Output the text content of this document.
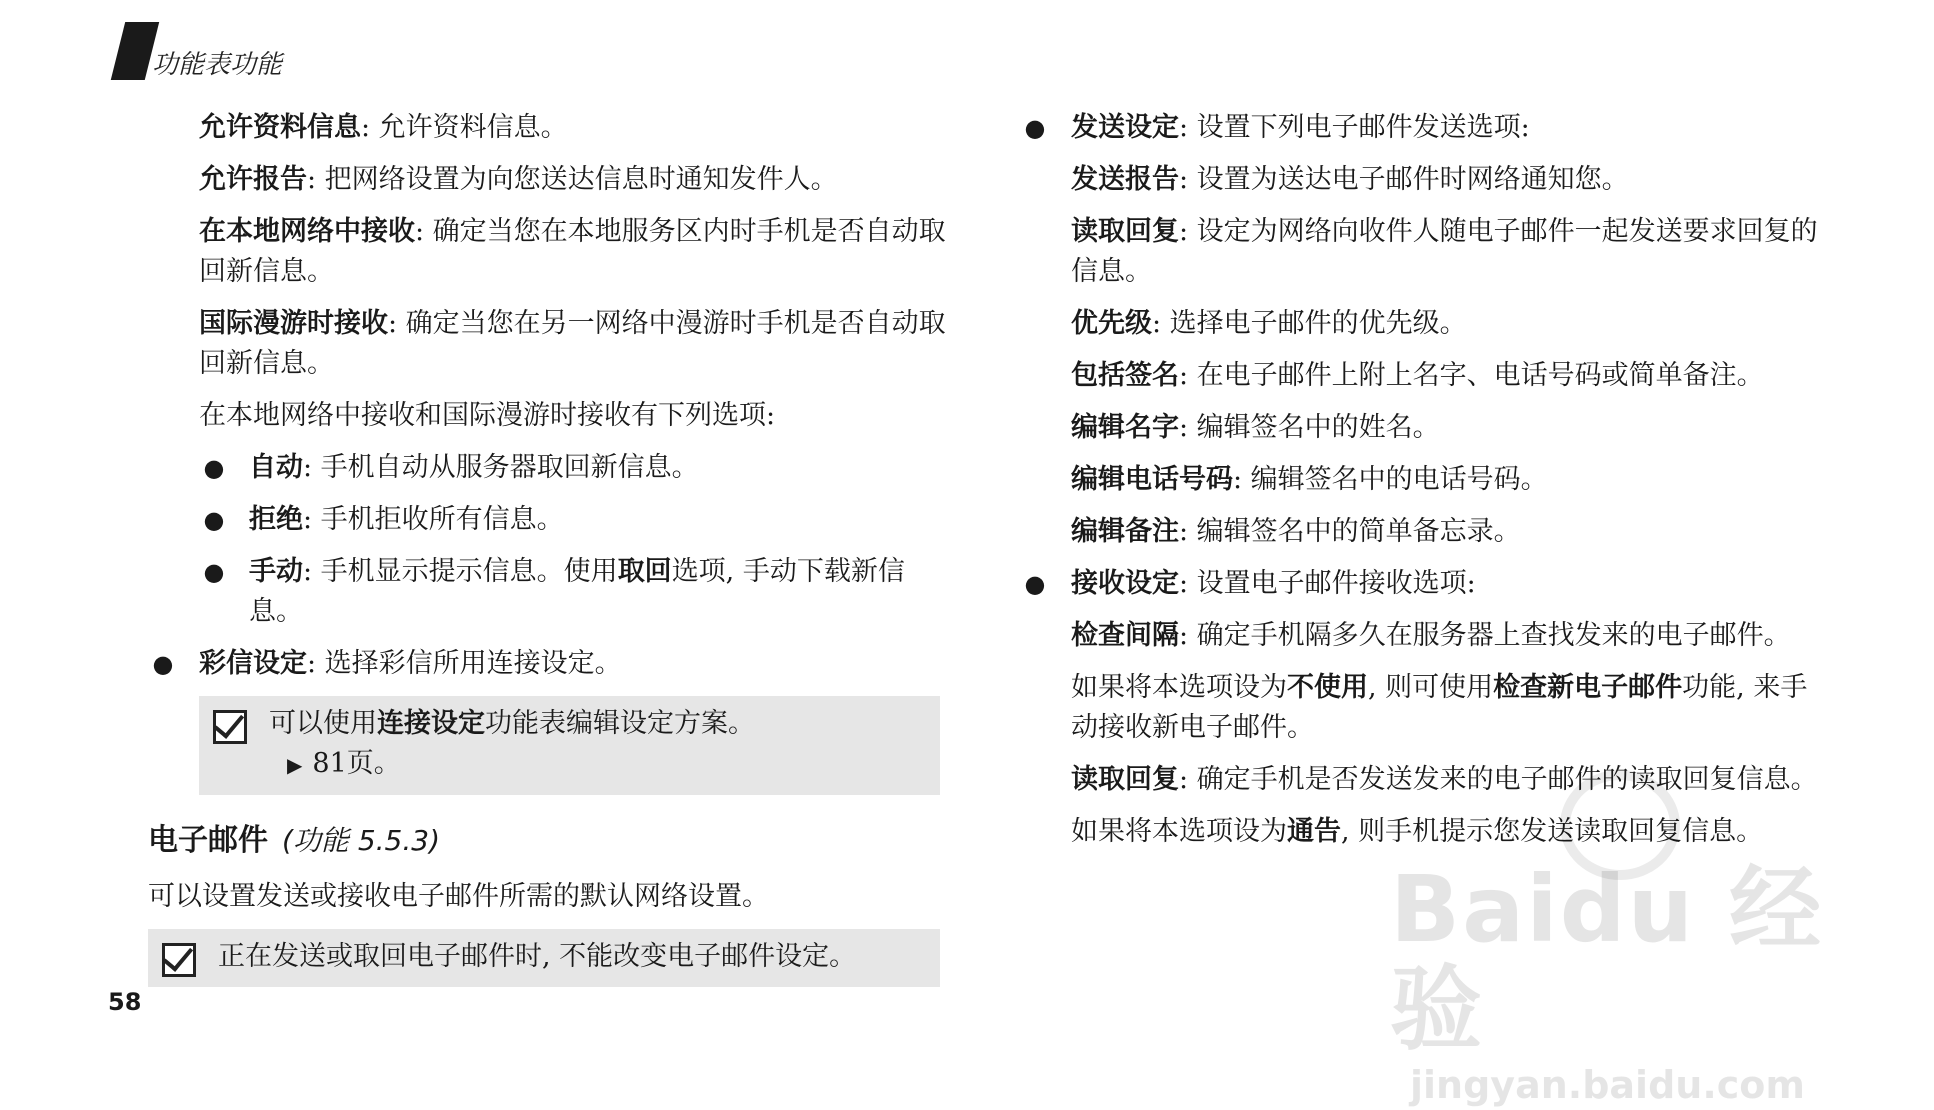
功能表功能
允许资料信息: 允许资料信息。
允许报告: 把网络设置为向您送达信息时通知发件人。
在本地网络中接收: 确定当您在本地服务区内时手机是否自动取回新信息。
国际漫游时接收: 确定当您在另一网络中漫游时手机是否自动取回新信息。
在本地网络中接收和国际漫游时接收有下列选项:
● 自动: 手机自动从服务器取回新信息。
● 拒绝: 手机拒收所有信息。
● 手动: 手机显示提示信息。使用取回选项, 手动下载新信息。
● 彩信设定: 选择彩信所用连接设定。
可以使用连接设定功能表编辑设定方案。
▶ 81页。
电子邮件 (功能 5.5.3)
可以设置发送或接收电子邮件所需的默认网络设置。
正在发送或取回电子邮件时, 不能改变电子邮件设定。
● 发送设定: 设置下列电子邮件发送选项:
发送报告: 设置为送达电子邮件时网络通知您。
读取回复: 设定为网络向收件人随电子邮件一起发送要求回复的信息。
优先级: 选择电子邮件的优先级。
包括签名: 在电子邮件上附上名字、电话号码或简单备注。
编辑名字: 编辑签名中的姓名。
编辑电话号码: 编辑签名中的电话号码。
编辑备注: 编辑签名中的简单备忘录。
● 接收设定: 设置电子邮件接收选项:
检查间隔: 确定手机隔多久在服务器上查找发来的电子邮件。
如果将本选项设为不使用, 则可使用检查新电子邮件功能, 来手动接收新电子邮件。
读取回复: 确定手机是否发送发来的电子邮件的读取回复信息。
如果将本选项设为通告, 则手机提示您发送读取回复信息。
58
Baidu 经验
jingyan.baidu.com
